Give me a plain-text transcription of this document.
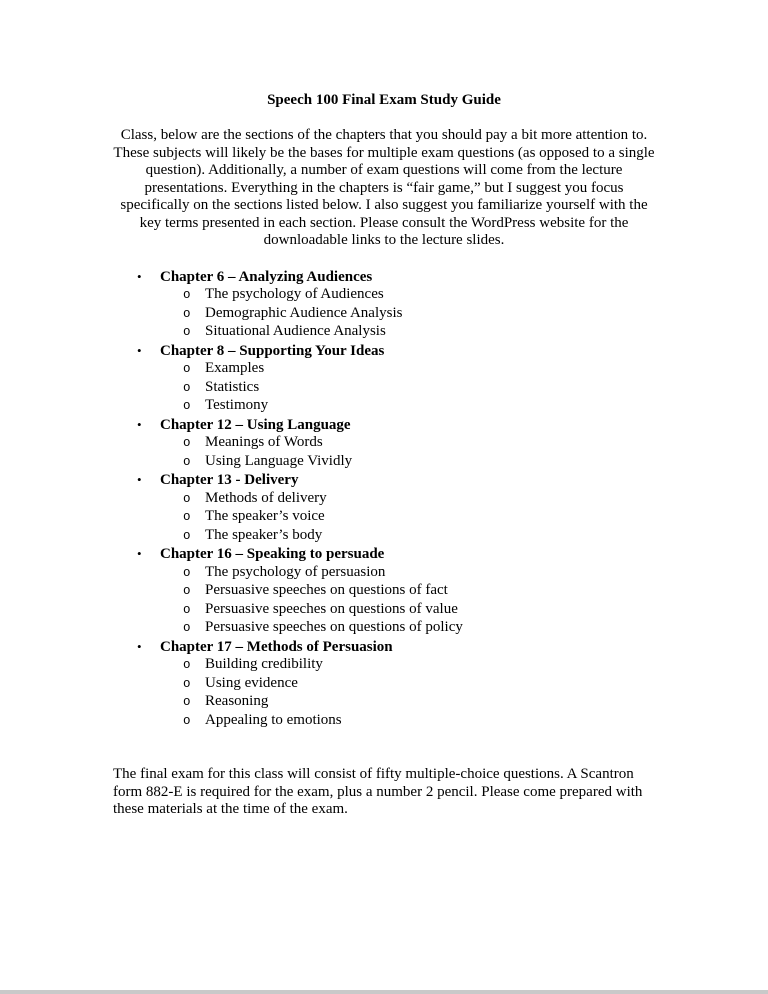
Speech 100 Final Exam Study Guide

Class, below are the sections of the chapters that you should pay a bit more attention to. These subjects will likely be the bases for multiple exam questions (as opposed to a single question). Additionally, a number of exam questions will come from the lecture presentations. Everything in the chapters is “fair game,” but I suggest you focus specifically on the sections listed below. I also suggest you familiarize yourself with the key terms presented in each section. Please consult the WordPress website for the downloadable links to the lecture slides.

•	Chapter 6 – Analyzing Audiences
o The psychology of Audiences
o Demographic Audience Analysis
o Situational Audience Analysis
•	Chapter 8 – Supporting Your Ideas
o Examples
o Statistics
o Testimony
•	Chapter 12 – Using Language
o Meanings of Words
o Using Language Vividly
•	Chapter 13 - Delivery
o Methods of delivery
o The speaker’s voice
o The speaker’s body
•	Chapter 16 – Speaking to persuade
o The psychology of persuasion
o Persuasive speeches on questions of fact
o Persuasive speeches on questions of value
o Persuasive speeches on questions of policy
•	Chapter 17 – Methods of Persuasion
o Building credibility
o Using evidence
o Reasoning
o Appealing to emotions

The final exam for this class will consist of fifty multiple-choice questions. A Scantron form 882-E is required for the exam, plus a number 2 pencil. Please come prepared with these materials at the time of the exam.
